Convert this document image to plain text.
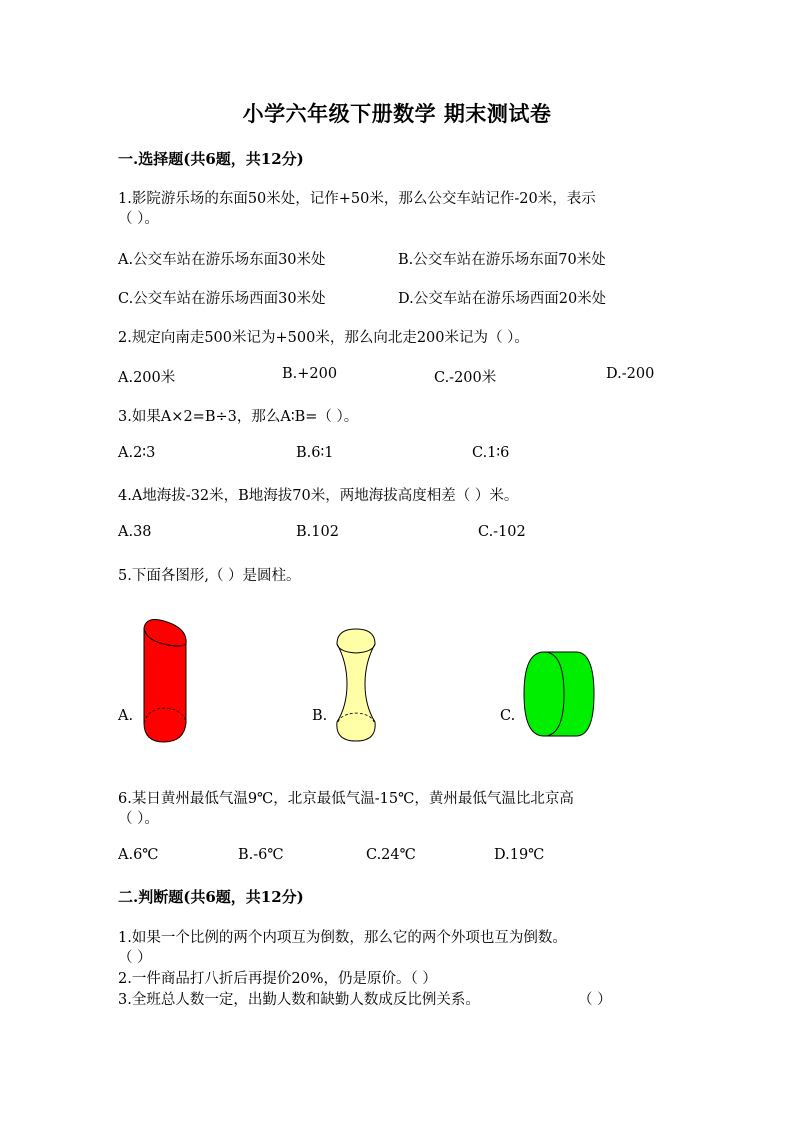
小学六年级下册数学 期末测试卷
一.选择题(共6题，共12分)
1.影院游乐场的东面50米处，记作+50米，那么公交车站记作-20米，表示
（ ）。
A.公交车站在游乐场东面30米处	B.公交车站在游乐场东面70米处
C.公交车站在游乐场西面30米处	D.公交车站在游乐场西面20米处
2.规定向南走500米记为+500米，那么向北走200米记为（ ）。
A.200米	B.+200	C.-200米	D.-200
3.如果A×2=B÷3，那么A∶B=（ ）。
A.2∶3	B.6∶1	C.1∶6
4.A地海拔-32米，B地海拔70米，两地海拔高度相差（ ）米。
A.38	B.102	C.-102
5.下面各图形,（ ）是圆柱。
A.	B.	C.
6.某日黄州最低气温9℃，北京最低气温-15℃，黄州最低气温比北京高
（ ）。
A.6℃	B.-6℃	C.24℃	D.19℃
二.判断题(共6题，共12分)
1.如果一个比例的两个内项互为倒数，那么它的两个外项也互为倒数。
（ ）
2.一件商品打八折后再提价20%，仍是原价。（ ）
3.全班总人数一定，出勤人数和缺勤人数成反比例关系。	（ ）
